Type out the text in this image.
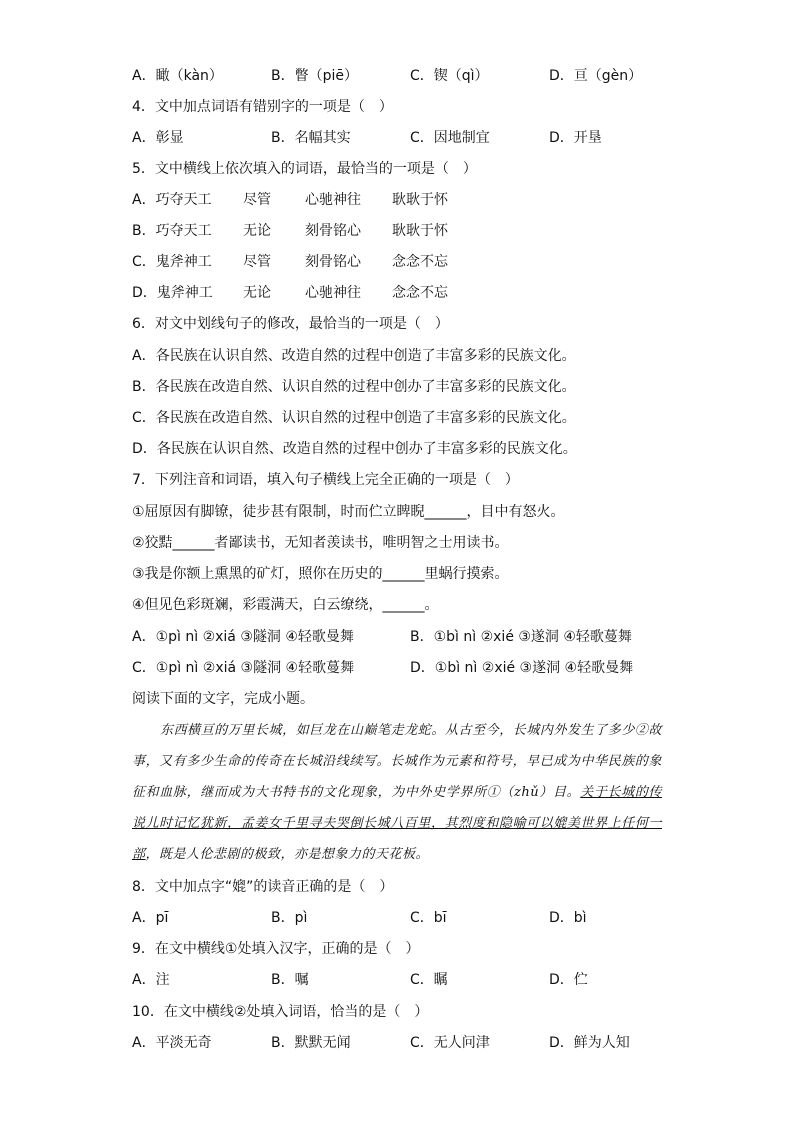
A．瞰（kàn）	B．瞥（piē）	C．锲（qì）	D．亘（gèn）
4．文中加点词语有错别字的一项是（　）
A．彰显	B．名幅其实	C．因地制宜	D．开垦
5．文中横线上依次填入的词语，最恰当的一项是（　）
A．巧夺天工 尽管 心驰神往 耿耿于怀
B．巧夺天工 无论 刻骨铭心 耿耿于怀
C．鬼斧神工 尽管 刻骨铭心 念念不忘
D．鬼斧神工 无论 心驰神往 念念不忘
6．对文中划线句子的修改，最恰当的一项是（　）
A．各民族在认识自然、改造自然的过程中创造了丰富多彩的民族文化。
B．各民族在改造自然、认识自然的过程中创办了丰富多彩的民族文化。
C．各民族在改造自然、认识自然的过程中创造了丰富多彩的民族文化。
D．各民族在认识自然、改造自然的过程中创办了丰富多彩的民族文化。
7．下列注音和词语，填入句子横线上完全正确的一项是（　）
①屈原因有脚镣，徒步甚有限制，时而伫立睥睨______，目中有怒火。
②狡黠______者鄙读书，无知者羡读书，唯明智之士用读书。
③我是你额上熏黑的矿灯，照你在历史的______里蜗行摸索。
④但见色彩斑斓，彩霞满天，白云缭绕，______。
A．①pì nì ②xiá ③隧洞 ④轻歌曼舞	B．①bì nì ②xié ③遂洞 ④轻歌蔓舞
C．①pì nì ②xiá ③隧洞 ④轻歌蔓舞	D．①bì nì ②xié ③遂洞 ④轻歌曼舞
阅读下面的文字，完成小题。

东西横亘的万里长城，如巨龙在山巅笔走龙蛇。从古至今，长城内外发生了多少②故事，又有多少生命的传奇在长城沿线续写。长城作为元素和符号，早已成为中华民族的象征和血脉，继而成为大书特书的文化现象，为中外史学界所①（zhǔ）目。关于长城的传说儿时记忆犹新，孟姜女千里寻夫哭倒长城八百里，其烈度和隐喻可以媲美世界上任何一部，既是人伦悲剧的极致，亦是想象力的天花板。

8．文中加点字“媲”的读音正确的是（　）
A．pī	B．pì	C．bī	D．bì
9．在文中横线①处填入汉字，正确的是（　）
A．注	B．嘱	C．瞩	D．伫
10．在文中横线②处填入词语，恰当的是（　）
A．平淡无奇	B．默默无闻	C．无人问津	D．鲜为人知
